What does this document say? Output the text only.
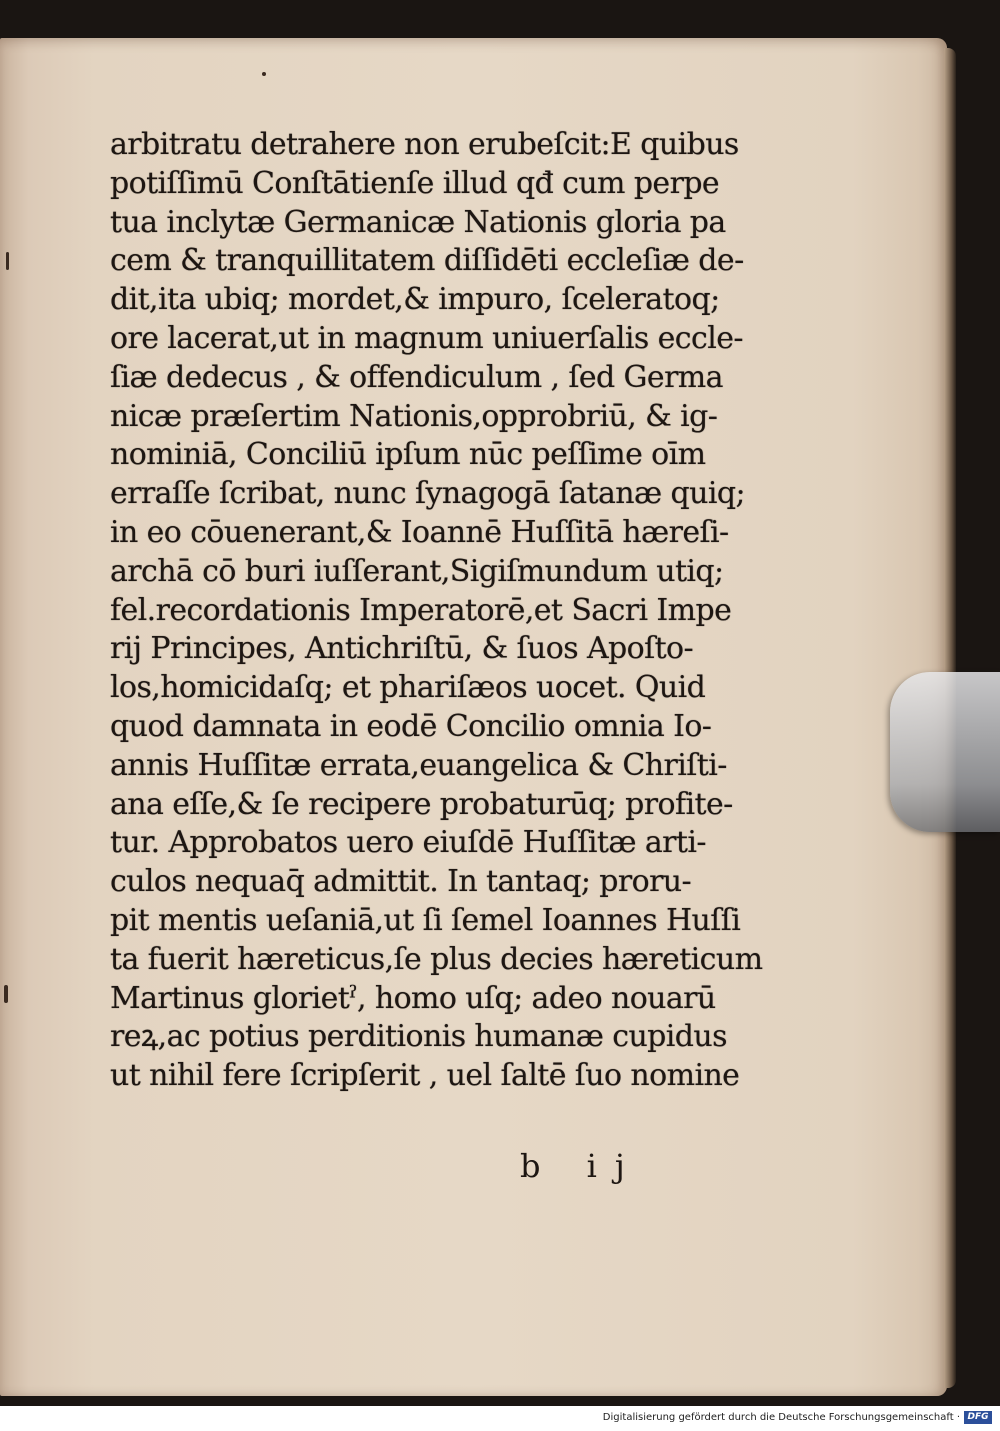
arbitratu detrahere non erubeſcit:E quibus
potiſſimū Conſtātienſe illud qđ cum perpe
tua inclytæ Germanicæ Nationis gloria pa
cem & tranquillitatem diſſidēti eccleſiæ de-
dit,ita ubiq; mordet,& impuro, ſceleratoq;
ore lacerat,ut in magnum uniuerſalis eccle-
ſiæ dedecus , & offendiculum , ſed Germa
nicæ præſertim Nationis,opprobriū, & ig-
nominiā, Conciliū ipſum nūc peſſime oīm
erraſſe ſcribat, nunc ſynagogā ſatanæ quiq;
in eo cōuenerant,& Ioannē Huſſitā hæreſi-
archā cō buri iuſſerant,Sigiſmundum utiq;
fel.recordationis Imperatorē,et Sacri Impe
rij Principes, Antichriſtū, & ſuos Apoſto-
los,homicidaſq; et phariſæos uocet. Quid
quod damnata in eodē Concilio omnia Io-
annis Huſſitæ errata,euangelica & Chriſti-
ana eſſe,& ſe recipere probaturūq; profite-
tur. Approbatos uero eiuſdē Huſſitæ arti-
culos nequaq̄ admittit. In tantaq; proru-
pit mentis ueſaniā,ut ſi ſemel Ioannes Huſſi
ta fuerit hæreticus,ſe plus decies hæreticum
Martinus glorietˀ, homo uſq; adeo nouarū
reꝝ,ac potius perditionis humanæ cupidus
ut nihil fere ſcripſerit , uel ſaltē ſuo nomine
b ij
Digitalisierung gefördert durch die Deutsche Forschungsgemeinschaft · DFG
